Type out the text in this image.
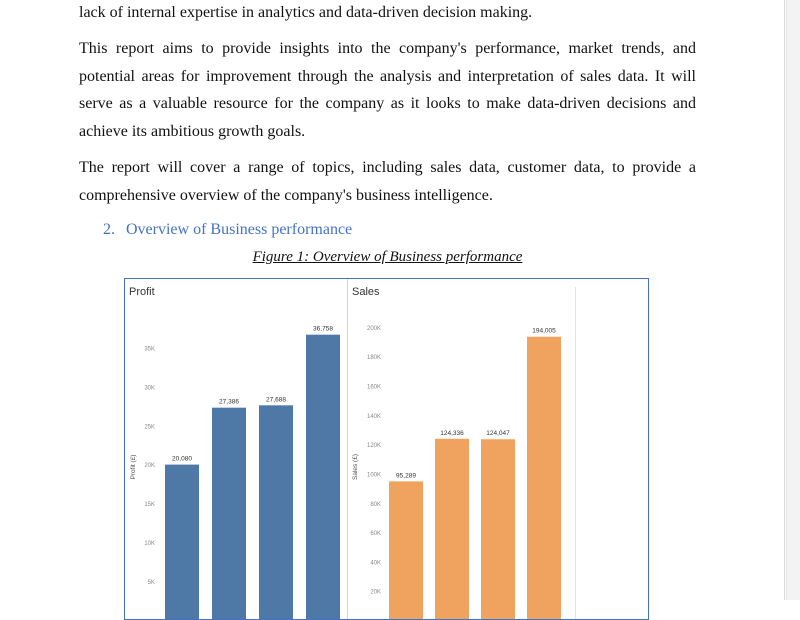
lack of internal expertise in analytics and data-driven decision making.

This report aims to provide insights into the company's performance, market trends, and potential areas for improvement through the analysis and interpretation of sales data. It will serve as a valuable resource for the company as it looks to make data-driven decisions and achieve its ambitious growth goals.

The report will cover a range of topics, including sales data, customer data, to provide a comprehensive overview of the company's business intelligence.

2. Overview of Business performance

Figure 1: Overview of Business performance

Profit
Profit (£)
5K
10K
15K
20K
25K
30K
35K
20,080
27,386	27,688
36,758
Sales
Sales (£)
20K
40K
60K
80K
100K
120K
140K
160K
180K
200K
95,289
124,336	124,047
194,005
